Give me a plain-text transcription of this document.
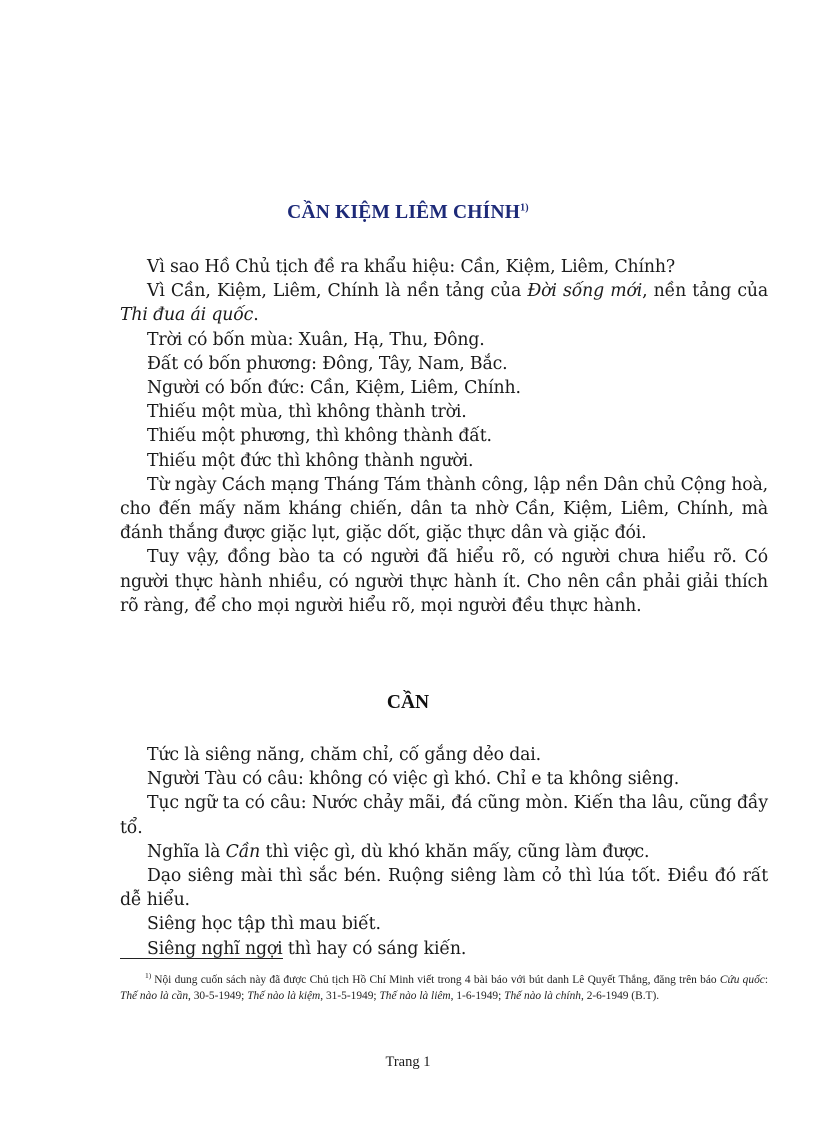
CẦN KIỆM LIÊM CHÍNH$^{1)}$

Vì sao Hồ Chủ tịch đề ra khẩu hiệu: Cần, Kiệm, Liêm, Chính?

Vì Cần, Kiệm, Liêm, Chính là nền tảng của Đời sống mới, nền tảng của Thi đua ái quốc.

Trời có bốn mùa: Xuân, Hạ, Thu, Đông.

Đất có bốn phương: Đông, Tây, Nam, Bắc.

Người có bốn đức: Cần, Kiệm, Liêm, Chính.

Thiếu một mùa, thì không thành trời.

Thiếu một phương, thì không thành đất.

Thiếu một đức thì không thành người.

Từ ngày Cách mạng Tháng Tám thành công, lập nền Dân chủ Cộng hoà, cho đến mấy năm kháng chiến, dân ta nhờ Cần, Kiệm, Liêm, Chính, mà đánh thắng được giặc lụt, giặc dốt, giặc thực dân và giặc đói.

Tuy vậy, đồng bào ta có người đã hiểu rõ, có người chưa hiểu rõ. Có người thực hành nhiều, có người thực hành ít. Cho nên cần phải giải thích rõ ràng, để cho mọi người hiểu rõ, mọi người đều thực hành.

CẦN

Tức là siêng năng, chăm chỉ, cố gắng dẻo dai.

Người Tàu có câu: không có việc gì khó. Chỉ e ta không siêng.

Tục ngữ ta có câu: Nước chảy mãi, đá cũng mòn. Kiến tha lâu, cũng đầy tổ.

Nghĩa là Cần thì việc gì, dù khó khăn mấy, cũng làm được.

Dạo siêng mài thì sắc bén. Ruộng siêng làm cỏ thì lúa tốt. Điều đó rất dễ hiểu.

Siêng học tập thì mau biết.

Siêng nghĩ ngợi thì hay có sáng kiến.

$^{1)}$ Nội dung cuốn sách này đã được Chủ tịch Hồ Chí Minh viết trong 4 bài báo với bút danh Lê Quyết Thắng, đăng trên báo Cứu quốc: Thế nào là cần, 30-5-1949; Thế nào là kiệm, 31-5-1949; Thế nào là liêm, 1-6-1949; Thế nào là chính, 2-6-1949 (B.T).

Trang 1
